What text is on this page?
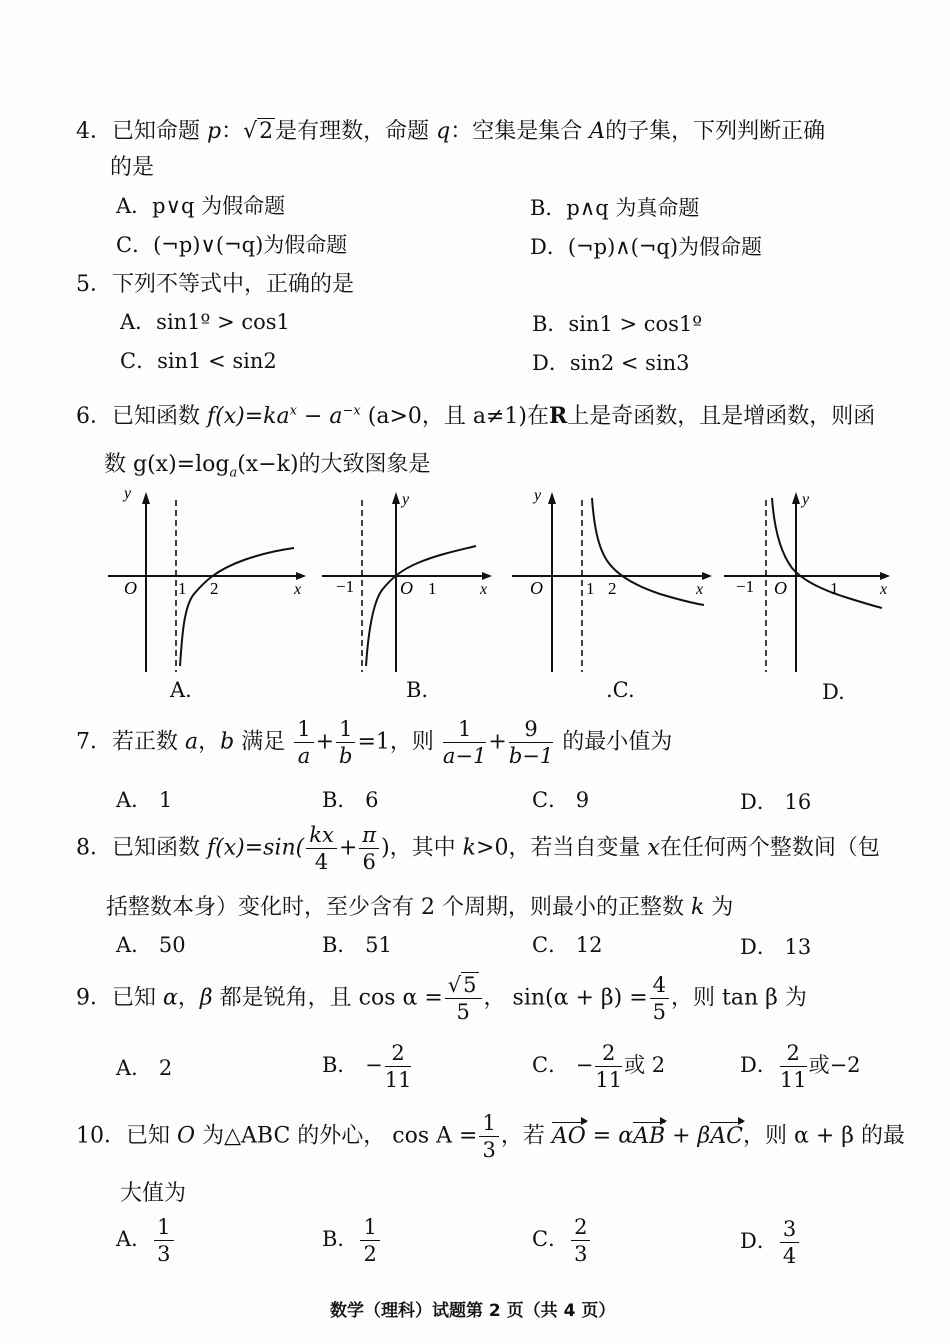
4．已知命题 p：√2是有理数，命题 q：空集是集合 A的子集，下列判断正确
的是
A．p∨q 为假命题	B．p∧q 为真命题
C．(¬p)∨(¬q)为假命题	D．(¬p)∧(¬q)为假命题
5．下列不等式中，正确的是
A．sin1º > cos1	B．sin1 > cos1º
C．sin1 < sin2	D．sin2 < sin3
6．已知函数 $f(x)=ka^x - a^{-x}$ (a>0，且 a≠1)在R上是奇函数，且是增函数，则函
数 $g(x)=\log_a(x-k)$的大致图象是
y
O 1 2	x
A.
y
−1	O 1	x
B.
y
O	1 2	x
.C.
y
−1 O	1	x
D.
7．若正数 a，b 满足 $\frac{1}{a} + \frac{1}{b} =1$，则 $\frac{1}{a-1} + \frac{9}{b-1}$ 的最小值为
A． 1	B． 6	C． 9	D． 16
8．已知函数 $f(x)=\sin( \frac{kx}{4} + \frac{\pi}{6}$ )，其中 k>0，若当自变量 x在任何两个整数间（包
括整数本身）变化时，至少含有 2 个周期，则最小的正整数 k 为
A． 50	B． 51	C． 12	D． 13
9．已知 α，β 都是锐角，且 $\cos \alpha = \frac{√5}{5}$ ， $\sin(\alpha + \beta) = \frac{4}{5}$ ，则 tan β 为
A． 2	B． − $\frac{2}{11}$	C． − $\frac{2}{11}$ 或 2	D． $\frac{2}{11}$ 或−2
10．已知 O 为△ABC 的外心， $\cos A = \frac{1}{3}$ ，若 AO = αAB + βAC，则 α + β 的最
大值为
A． $\frac{1}{3}$	B． $\frac{1}{2}$	C． $\frac{2}{3}$	D． $\frac{3}{4}$
数学（理科）试题第 2 页（共 4 页）
